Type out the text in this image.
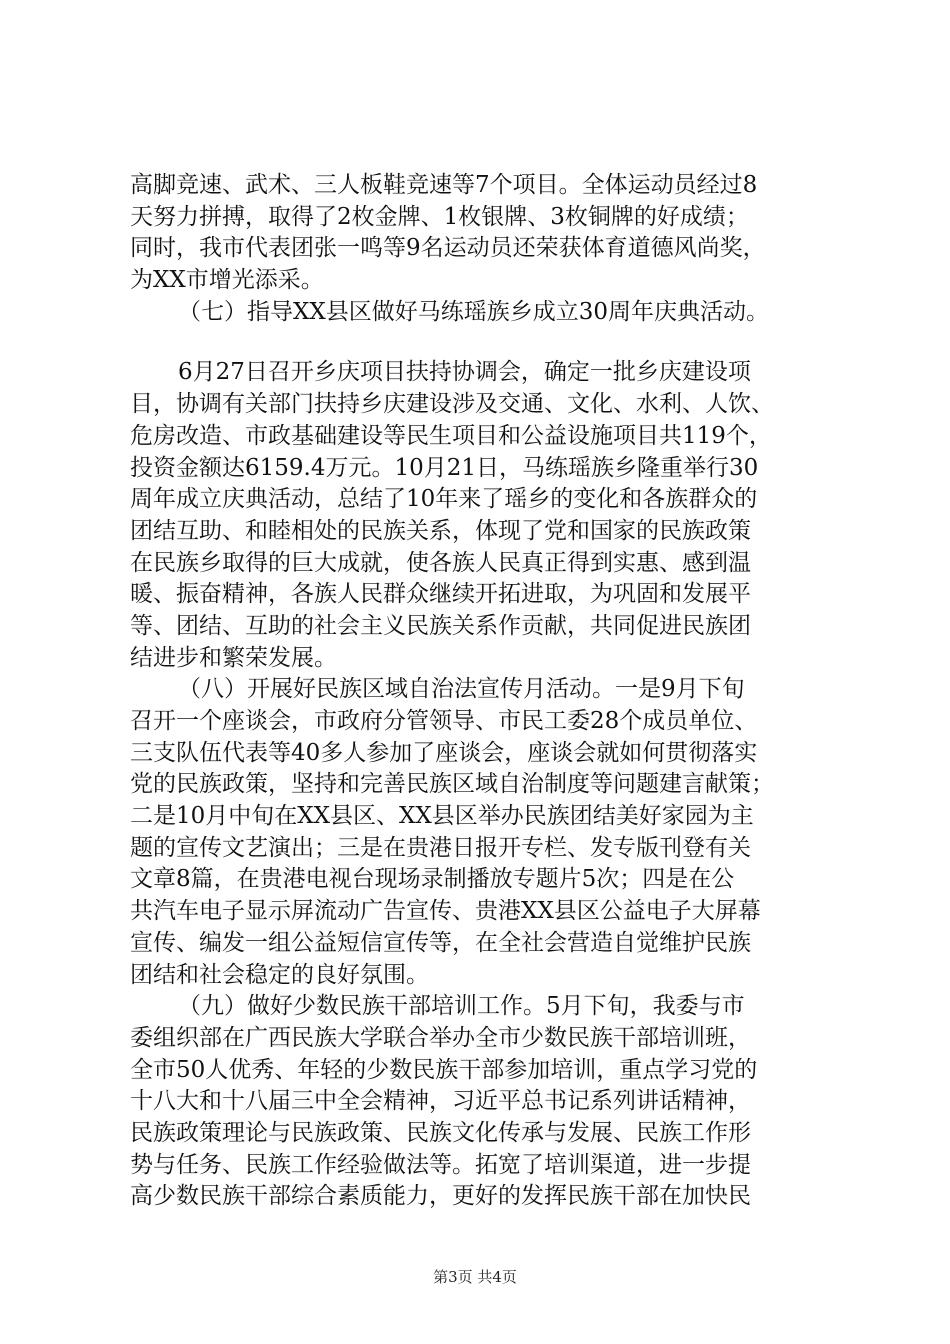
高脚竞速、武术、三人板鞋竞速等7个项目。全体运动员经过8
天努力拼搏，取得了2枚金牌、1枚银牌、3枚铜牌的好成绩；
同时，我市代表团张一鸣等9名运动员还荣获体育道德风尚奖，
为XX市增光添采。
（七）指导XX县区做好马练瑶族乡成立30周年庆典活动。
6月27日召开乡庆项目扶持协调会，确定一批乡庆建设项
目，协调有关部门扶持乡庆建设涉及交通、文化、水利、人饮、
危房改造、市政基础建设等民生项目和公益设施项目共119个，
投资金额达6159.4万元。10月21日，马练瑶族乡隆重举行30
周年成立庆典活动，总结了10年来了瑶乡的变化和各族群众的
团结互助、和睦相处的民族关系，体现了党和国家的民族政策
在民族乡取得的巨大成就，使各族人民真正得到实惠、感到温
暖、振奋精神，各族人民群众继续开拓进取，为巩固和发展平
等、团结、互助的社会主义民族关系作贡献，共同促进民族团
结进步和繁荣发展。
（八）开展好民族区域自治法宣传月活动。一是9月下旬
召开一个座谈会，市政府分管领导、市民工委28个成员单位、
三支队伍代表等40多人参加了座谈会，座谈会就如何贯彻落实
党的民族政策，坚持和完善民族区域自治制度等问题建言献策；
二是10月中旬在XX县区、XX县区举办民族团结美好家园为主
题的宣传文艺演出；三是在贵港日报开专栏、发专版刊登有关
文章8篇，在贵港电视台现场录制播放专题片5次；四是在公
共汽车电子显示屏流动广告宣传、贵港XX县区公益电子大屏幕
宣传、编发一组公益短信宣传等，在全社会营造自觉维护民族
团结和社会稳定的良好氛围。
（九）做好少数民族干部培训工作。5月下旬，我委与市
委组织部在广西民族大学联合举办全市少数民族干部培训班，
全市50人优秀、年轻的少数民族干部参加培训，重点学习党的
十八大和十八届三中全会精神，习近平总书记系列讲话精神，
民族政策理论与民族政策、民族文化传承与发展、民族工作形
势与任务、民族工作经验做法等。拓宽了培训渠道，进一步提
高少数民族干部综合素质能力，更好的发挥民族干部在加快民
第3页 共4页
